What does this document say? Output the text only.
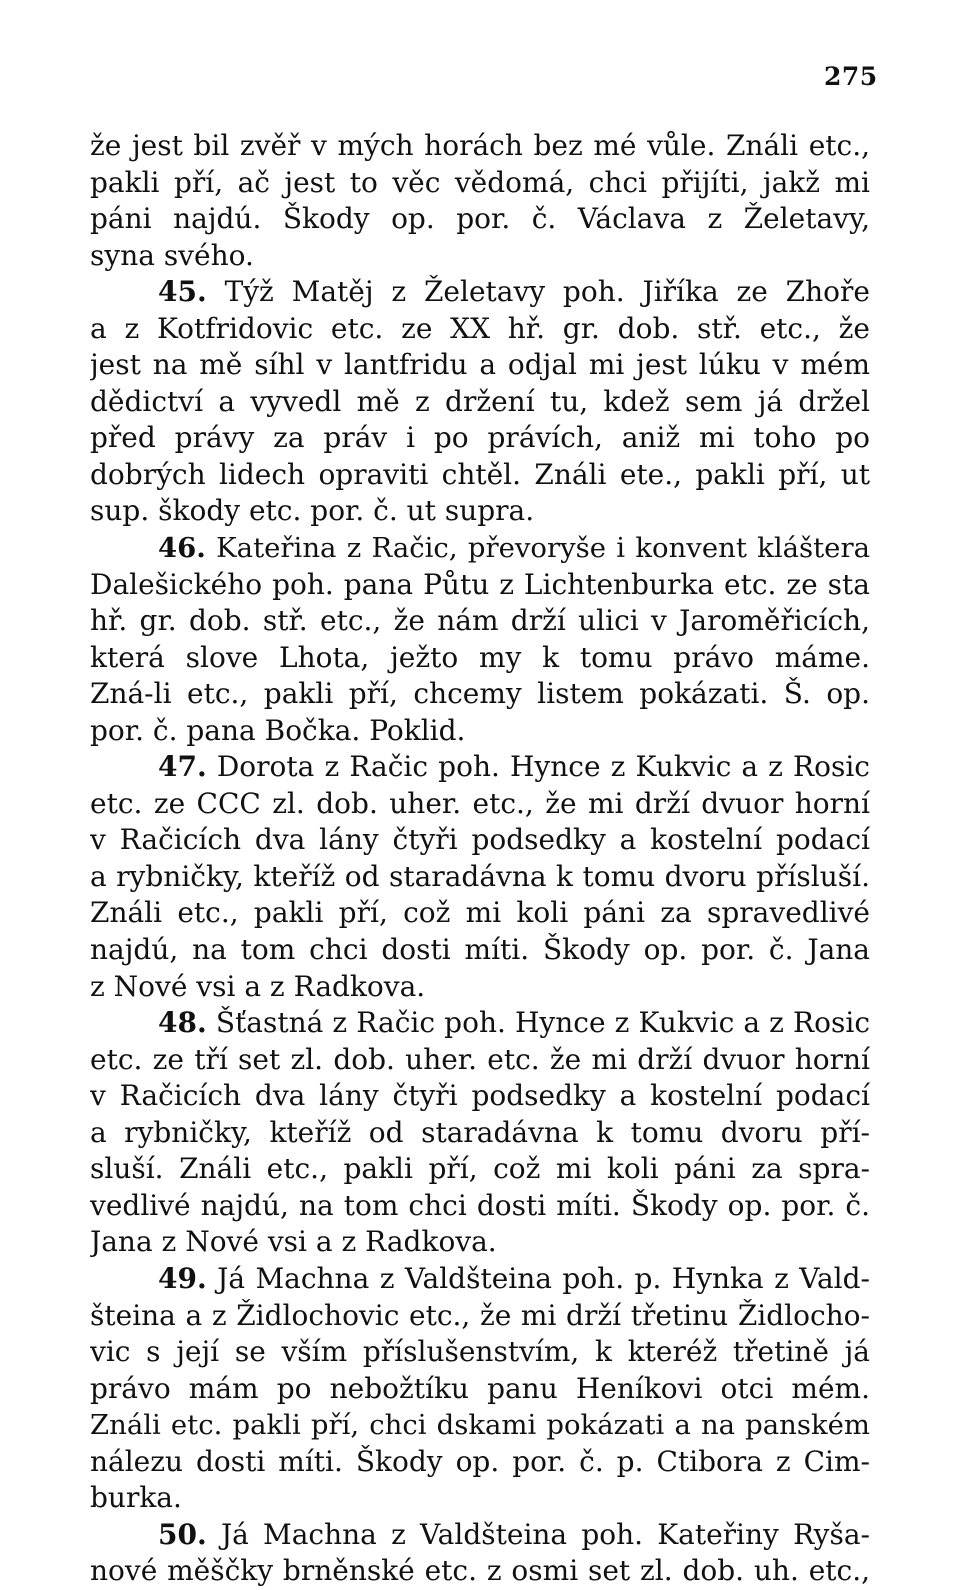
275
že jest bil zvěř v mých horách bez mé vůle. Ználi etc.,
pakli pří, ač jest to věc vědomá, chci přijíti, jakž mi
páni najdú. Škody op. por. č. Václava z Želetavy,
syna svého.
45. Týž Matěj z Želetavy poh. Jiříka ze Zhoře
a z Kotfridovic etc. ze XX hř. gr. dob. stř. etc., že
jest na mě síhl v lantfridu a odjal mi jest lúku v mém
dědictví a vyvedl mě z držení tu, kdež sem já držel
před právy za práv i po právích, aniž mi toho po
dobrých lidech opraviti chtěl. Ználi ete., pakli pří, ut
sup. škody etc. por. č. ut supra.
46. Kateřina z Račic, převoryše i konvent kláštera
Dalešického poh. pana Půtu z Lichtenburka etc. ze sta
hř. gr. dob. stř. etc., že nám drží ulici v Jaroměřicích,
která slove Lhota, ježto my k tomu právo máme.
Zná-li etc., pakli pří, chcemy listem pokázati. Š. op.
por. č. pana Bočka. Poklid.
47. Dorota z Račic poh. Hynce z Kukvic a z Rosic
etc. ze CCC zl. dob. uher. etc., že mi drží dvuor horní
v Račicích dva lány čtyři podsedky a kostelní podací
a rybničky, kteříž od staradávna k tomu dvoru přísluší.
Ználi etc., pakli pří, což mi koli páni za spravedlivé
najdú, na tom chci dosti míti. Škody op. por. č. Jana
z Nové vsi a z Radkova.
48. Šťastná z Račic poh. Hynce z Kukvic a z Rosic
etc. ze tří set zl. dob. uher. etc. že mi drží dvuor horní
v Račicích dva lány čtyři podsedky a kostelní podací
a rybničky, kteříž od staradávna k tomu dvoru pří-
sluší. Ználi etc., pakli pří, což mi koli páni za spra-
vedlivé najdú, na tom chci dosti míti. Škody op. por. č.
Jana z Nové vsi a z Radkova.
49. Já Machna z Valdšteina poh. p. Hynka z Vald-
šteina a z Židlochovic etc., že mi drží třetinu Židlocho-
vic s její se vším příslušenstvím, k kteréž třetině já
právo mám po nebožtíku panu Heníkovi otci mém.
Ználi etc. pakli pří, chci dskami pokázati a na panském
nálezu dosti míti. Škody op. por. č. p. Ctibora z Cim-
burka.
50. Já Machna z Valdšteina poh. Kateřiny Ryša-
nové měščky brněnské etc. z osmi set zl. dob. uh. etc.,
